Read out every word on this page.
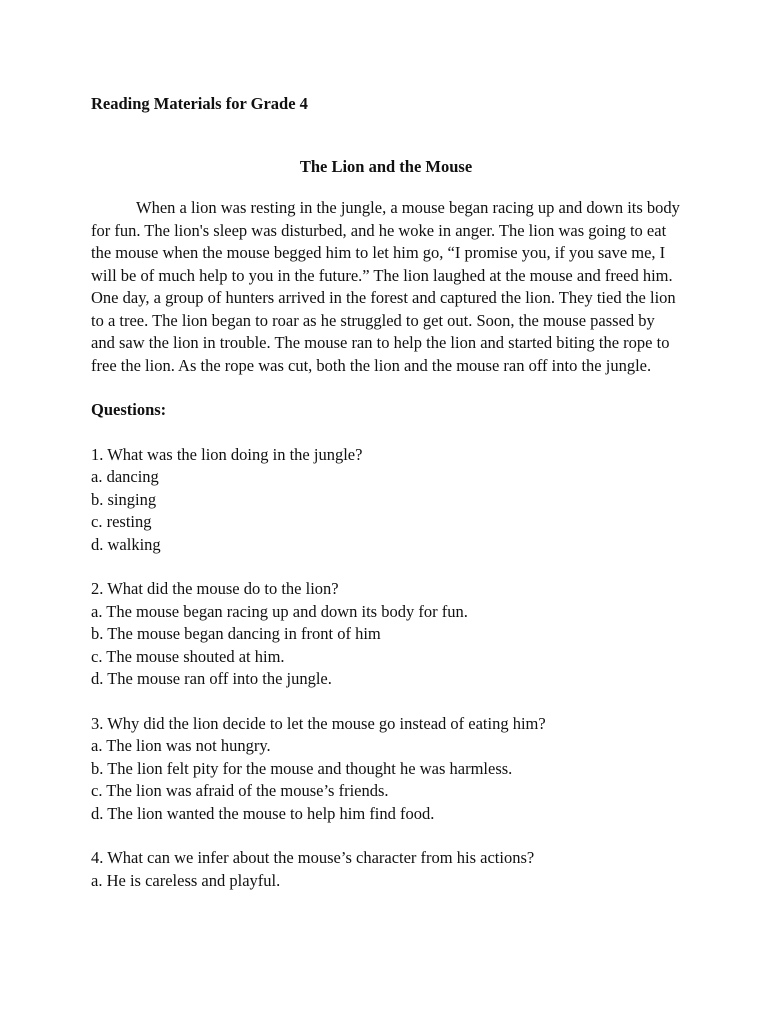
Reading Materials for Grade 4

The Lion and the Mouse

When a lion was resting in the jungle, a mouse began racing up and down its body for fun. The lion's sleep was disturbed, and he woke in anger. The lion was going to eat the mouse when the mouse begged him to let him go, “I promise you, if you save me, I will be of much help to you in the future.” The lion laughed at the mouse and freed him. One day, a group of hunters arrived in the forest and captured the lion. They tied the lion to a tree. The lion began to roar as he struggled to get out. Soon, the mouse passed by and saw the lion in trouble. The mouse ran to help the lion and started biting the rope to free the lion. As the rope was cut, both the lion and the mouse ran off into the jungle.

Questions:

1. What was the lion doing in the jungle?
a. dancing
b. singing
c. resting
d. walking
2. What did the mouse do to the lion?
a. The mouse began racing up and down its body for fun.
b. The mouse began dancing in front of him
c. The mouse shouted at him.
d. The mouse ran off into the jungle.
3. Why did the lion decide to let the mouse go instead of eating him?
a. The lion was not hungry.
b. The lion felt pity for the mouse and thought he was harmless.
c. The lion was afraid of the mouse’s friends.
d. The lion wanted the mouse to help him find food.
4. What can we infer about the mouse’s character from his actions?
a. He is careless and playful.
